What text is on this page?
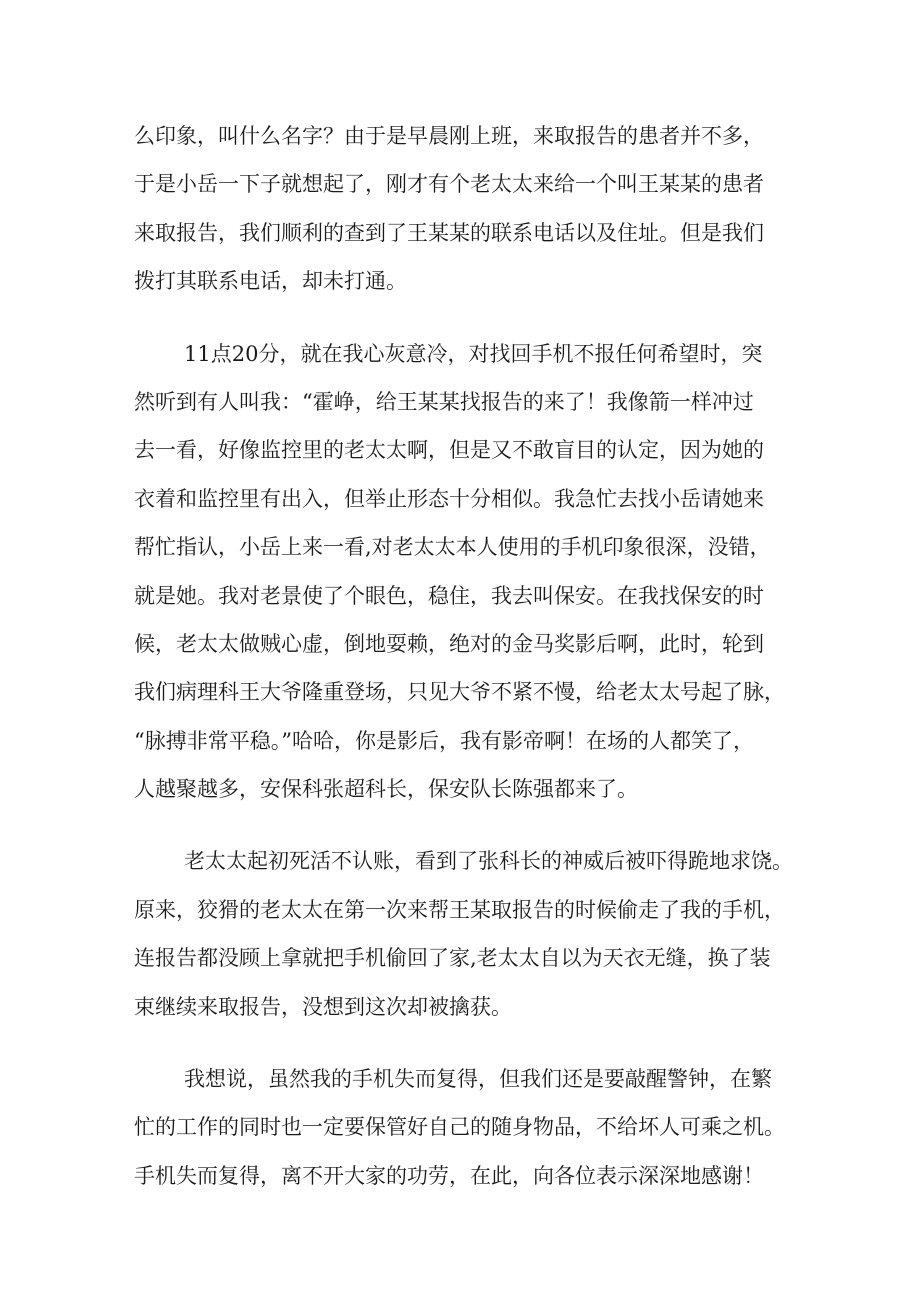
么印象，叫什么名字？由于是早晨刚上班，来取报告的患者并不多，
于是小岳一下子就想起了，刚才有个老太太来给一个叫王某某的患者
来取报告，我们顺利的查到了王某某的联系电话以及住址。但是我们
拨打其联系电话，却未打通。
11点20分，就在我心灰意冷，对找回手机不报任何希望时，突
然听到有人叫我：“霍峥，给王某某找报告的来了！我像箭一样冲过
去一看，好像监控里的老太太啊，但是又不敢盲目的认定，因为她的
衣着和监控里有出入，但举止形态十分相似。我急忙去找小岳请她来
帮忙指认，小岳上来一看,对老太太本人使用的手机印象很深，没错，
就是她。我对老景使了个眼色，稳住，我去叫保安。在我找保安的时
候，老太太做贼心虚，倒地耍赖，绝对的金马奖影后啊，此时，轮到
我们病理科王大爷隆重登场，只见大爷不紧不慢，给老太太号起了脉，
“脉搏非常平稳。”哈哈，你是影后，我有影帝啊！在场的人都笑了，
人越聚越多，安保科张超科长，保安队长陈强都来了。
老太太起初死活不认账，看到了张科长的神威后被吓得跪地求饶。
原来，狡猾的老太太在第一次来帮王某取报告的时候偷走了我的手机，
连报告都没顾上拿就把手机偷回了家,老太太自以为天衣无缝，换了装
束继续来取报告，没想到这次却被擒获。
我想说，虽然我的手机失而复得，但我们还是要敲醒警钟，在繁
忙的工作的同时也一定要保管好自己的随身物品，不给坏人可乘之机。
手机失而复得，离不开大家的功劳，在此，向各位表示深深地感谢！
